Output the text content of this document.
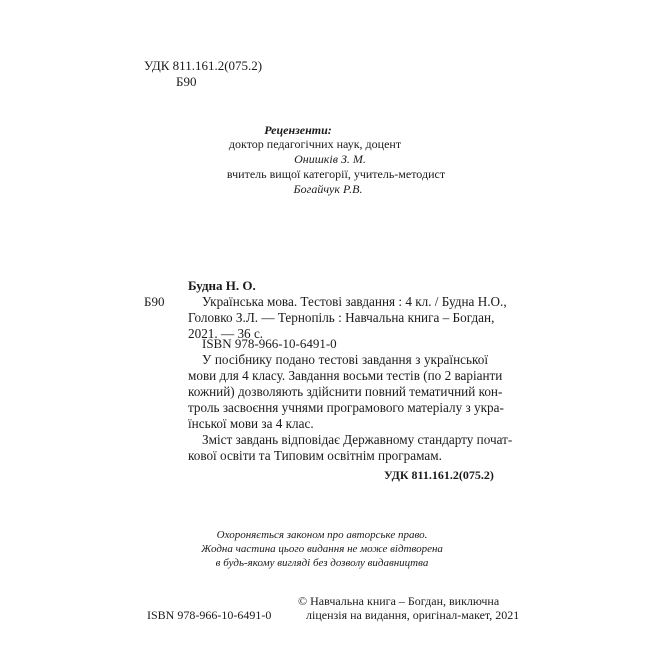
УДК 811.161.2(075.2)
Б90
Рецензенти:
доктор педагогічних наук, доцент
Онишків З. М.
вчитель вищої категорії, учитель-методист
Богайчук Р.В.
Будна Н. О.
Б90	Українська мова. Тестові завдання : 4 кл. / Будна Н.О.,
Головко З.Л. — Тернопіль : Навчальна книга – Богдан,
2021. — 36 с.
ISBN 978-966-10-6491-0
У посібнику подано тестові завдання з української
мови для 4 класу. Завдання восьми тестів (по 2 варіанти
кожний) дозволяють здійснити повний тематичний кон-
троль засвоєння учнями програмового матеріалу з укра-
їнської мови за 4 клас.
Зміст завдань відповідає Державному стандарту почат-
кової освіти та Типовим освітнім програмам.
УДК 811.161.2(075.2)
Охороняється законом про авторське право.
Жодна частина цього видання не може відтворена
в будь-якому вигляді без дозволу видавництва
ISBN 978-966-10-6491-0
© Навчальна книга – Богдан, виключна
ліцензія на видання, оригінал-макет, 2021
